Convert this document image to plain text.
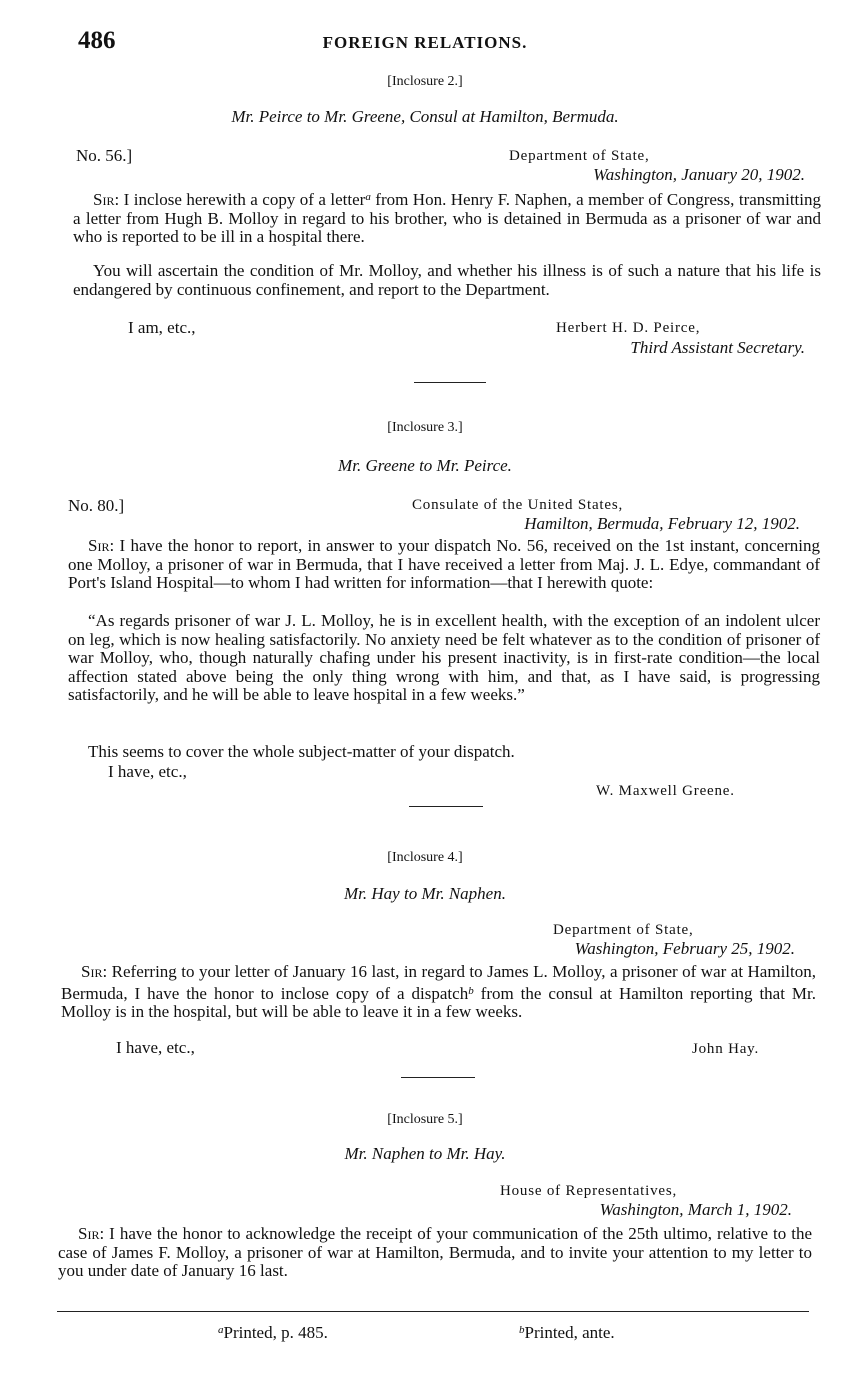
486	FOREIGN RELATIONS.
[Inclosure 2.]
Mr. Peirce to Mr. Greene, Consul at Hamilton, Bermuda.
No. 56.]	Department of State,
Washington, January 20, 1902.

Sir: I inclose herewith a copy of a letter$^a$ from Hon. Henry F. Naphen, a member of Congress, transmitting a letter from Hugh B. Molloy in regard to his brother, who is detained in Bermuda as a prisoner of war and who is reported to be ill in a hospital there.

You will ascertain the condition of Mr. Molloy, and whether his illness is of such a nature that his life is endangered by continuous confinement, and report to the Department.

I am, etc.,	Herbert H. D. Peirce,
Third Assistant Secretary.
[Inclosure 3.]
Mr. Greene to Mr. Peirce.
No. 80.]	Consulate of the United States,
Hamilton, Bermuda, February 12, 1902.

Sir: I have the honor to report, in answer to your dispatch No. 56, received on the 1st instant, concerning one Molloy, a prisoner of war in Bermuda, that I have received a letter from Maj. J. L. Edye, commandant of Port's Island Hospital—to whom I had written for information—that I herewith quote:

“As regards prisoner of war J. L. Molloy, he is in excellent health, with the exception of an indolent ulcer on leg, which is now healing satisfactorily. No anxiety need be felt whatever as to the condition of prisoner of war Molloy, who, though naturally chafing under his present inactivity, is in first-rate condition—the local affection stated above being the only thing wrong with him, and that, as I have said, is progressing satisfactorily, and he will be able to leave hospital in a few weeks.”

This seems to cover the whole subject-matter of your dispatch.

I have, etc.,
W. Maxwell Greene.
[Inclosure 4.]
Mr. Hay to Mr. Naphen.
Department of State,
Washington, February 25, 1902.

Sir: Referring to your letter of January 16 last, in regard to James L. Molloy, a prisoner of war at Hamilton, Bermuda, I have the honor to inclose copy of a dispatch$^b$ from the consul at Hamilton reporting that Mr. Molloy is in the hospital, but will be able to leave it in a few weeks.

I have, etc.,	John Hay.
[Inclosure 5.]
Mr. Naphen to Mr. Hay.
House of Representatives,
Washington, March 1, 1902.

Sir: I have the honor to acknowledge the receipt of your communication of the 25th ultimo, relative to the case of James F. Molloy, a prisoner of war at Hamilton, Bermuda, and to invite your attention to my letter to you under date of January 16 last.

$^a$Printed, p. 485.	$^b$Printed, ante.
